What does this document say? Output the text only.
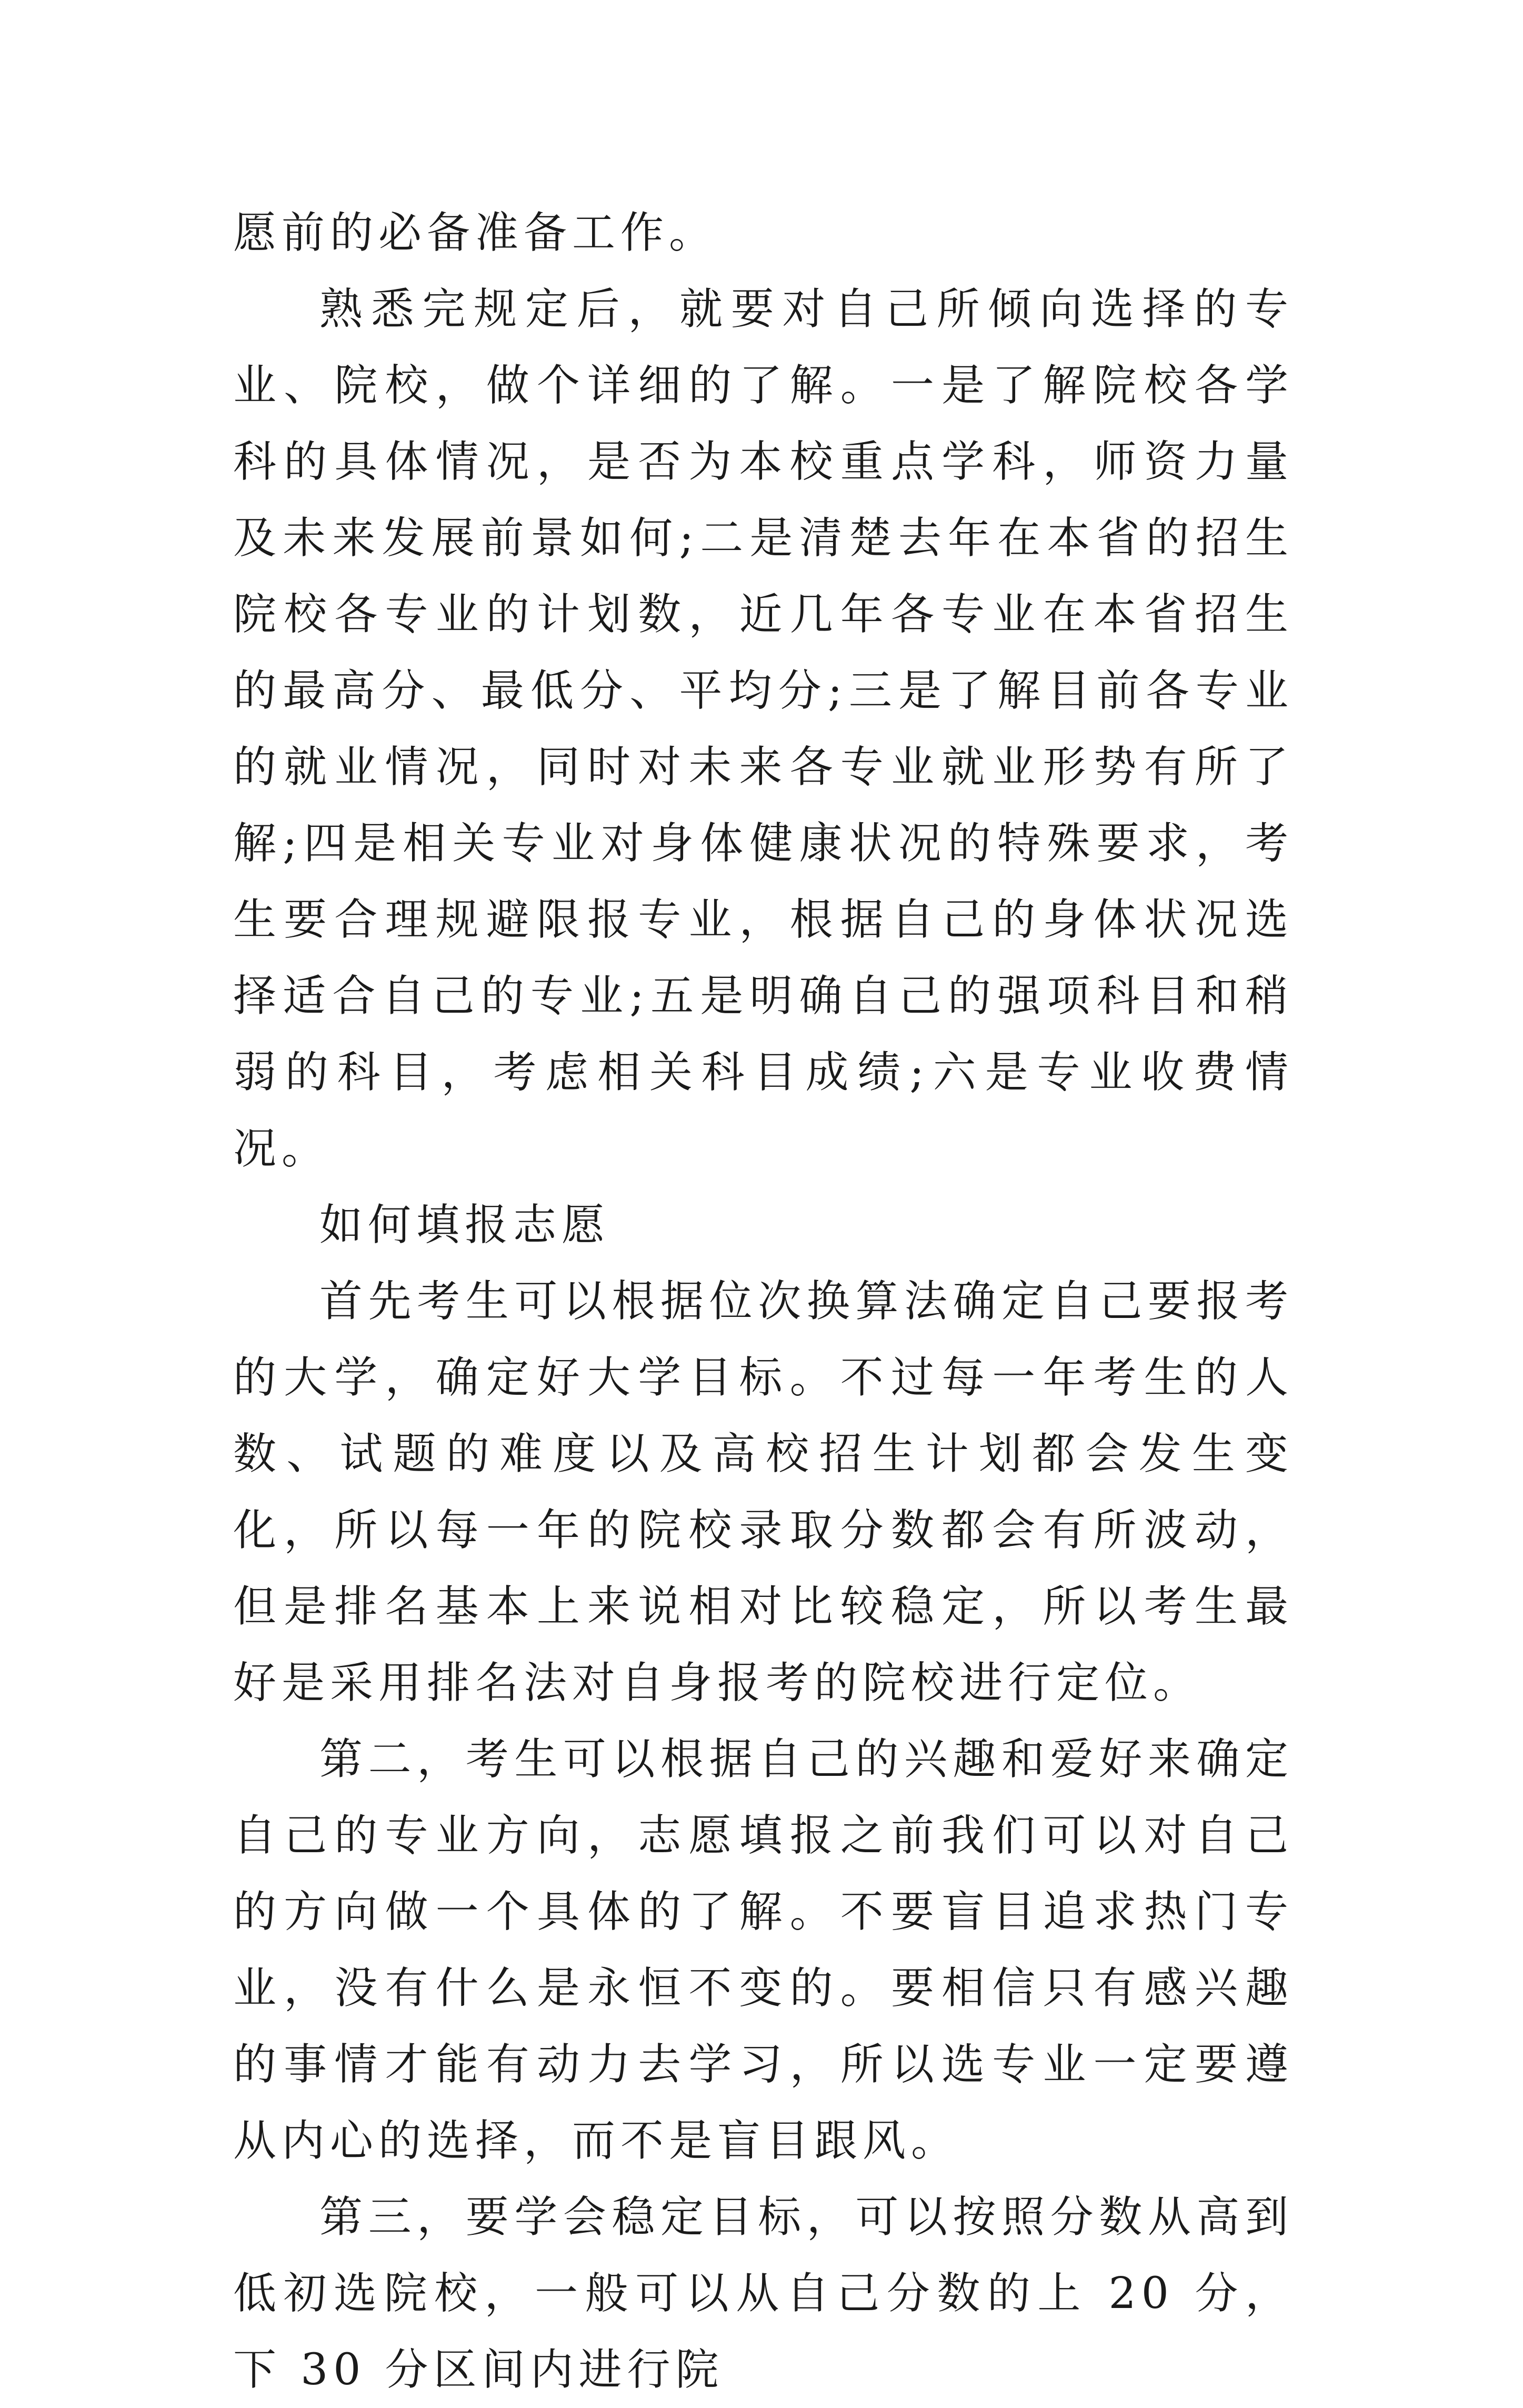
愿前的必备准备工作。

熟悉完规定后，就要对自己所倾向选择的专业、院校，做个详细的了解。一是了解院校各学科的具体情况，是否为本校重点学科，师资力量及未来发展前景如何;二是清楚去年在本省的招生院校各专业的计划数，近几年各专业在本省招生的最高分、最低分、平均分;三是了解目前各专业的就业情况，同时对未来各专业就业形势有所了解;四是相关专业对身体健康状况的特殊要求，考生要合理规避限报专业，根据自己的身体状况选择适合自己的专业;五是明确自己的强项科目和稍弱的科目，考虑相关科目成绩;六是专业收费情况。

如何填报志愿

首先考生可以根据位次换算法确定自己要报考的大学，确定好大学目标。不过每一年考生的人数、试题的难度以及高校招生计划都会发生变化，所以每一年的院校录取分数都会有所波动，但是排名基本上来说相对比较稳定，所以考生最好是采用排名法对自身报考的院校进行定位。

第二，考生可以根据自己的兴趣和爱好来确定自己的专业方向，志愿填报之前我们可以对自己的方向做一个具体的了解。不要盲目追求热门专业，没有什么是永恒不变的。要相信只有感兴趣的事情才能有动力去学习，所以选专业一定要遵从内心的选择，而不是盲目跟风。

第三，要学会稳定目标，可以按照分数从高到低初选院校，一般可以从自己分数的上 20 分，下 30 分区间内进行院
